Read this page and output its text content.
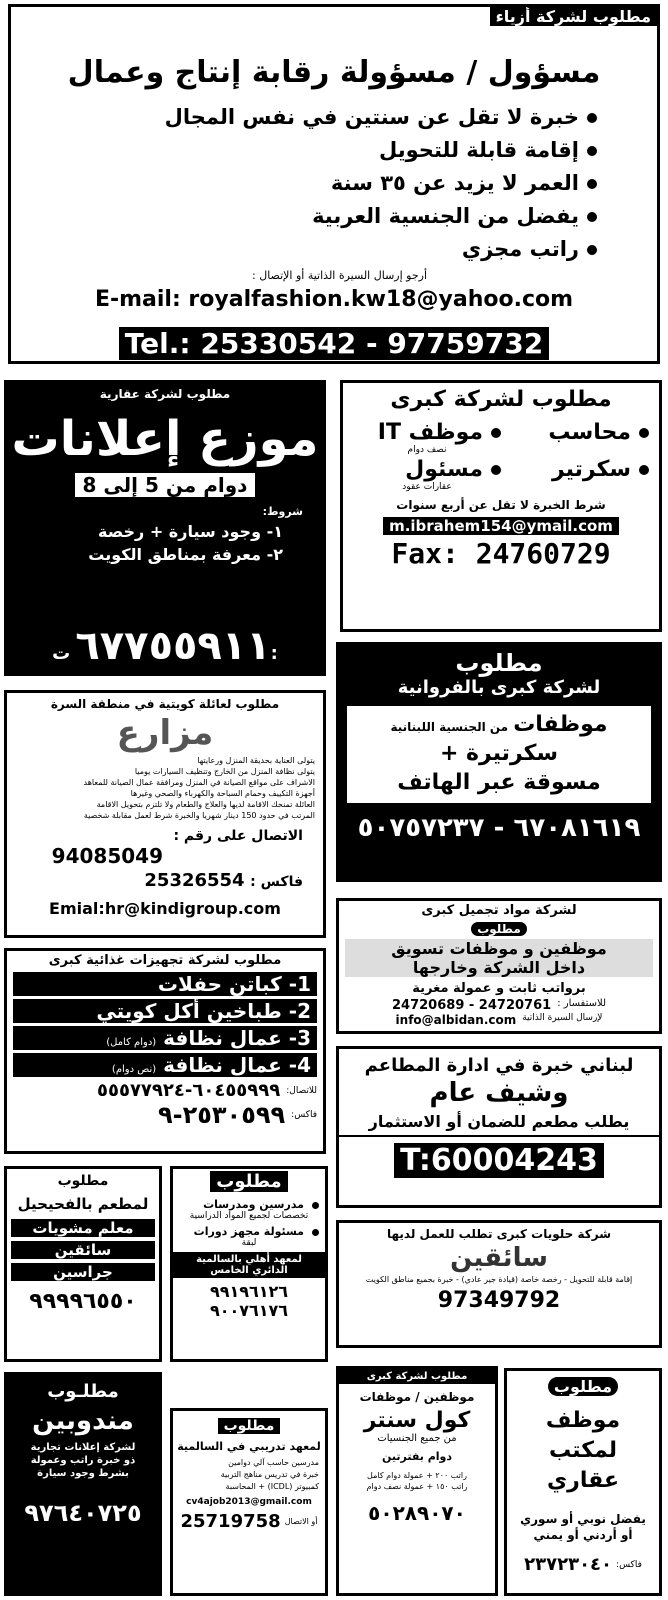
مطلوب لشركة أزياء
مسؤول / مسؤولة رقابة إنتاج وعمال
خبرة لا تقل عن سنتين في نفس المجال
إقامة قابلة للتحويل
العمر لا يزيد عن ٣٥ سنة
يفضل من الجنسية العربية
راتب مجزي
أرجو إرسال السيرة الذاتية أو الإتصال :
E-mail: royalfashion.kw18@yahoo.com
Tel.: 25330542 - 97759732
مطلوب لشركة عقارية
موزع إعلانات
دوام من 5 إلى 8
شروط:
١- وجود سيارة + رخصة
٢- معرفة بمناطق الكويت
٦٧٧٥٥٩١١ ت:
مطلوب لشركة كبرى
محاسب
موظف IT
نصف دوام
سكرتير
مسئول
عقارات عقود
شرط الخبرة لا تقل عن أربع سنوات
m.ibrahem154@ymail.com
Fax: 24760729
مطلوب لعائلة كويتية في منطقة السرة
مزارع
يتولى العناية بحديقة المنزل ورعايتها
يتولى نظافة المنزل من الخارج وتنظيف السيارات يوميا
الاشراف على مواقع الصيانة في المنزل ومرافقة عمال الصيانة للمعاهد
أجهزة التكييف وحمام السباحة والكهرباء والصحي وغيرها
العائلة تمنحك الاقامة لديها والعلاج والطعام ولا تلتزم بتحويل الاقامة
المرتب في حدود 150 دينار شهريا والخبرة شرط لعمل مقابلة شخصية
الاتصال على رقم :
94085049
فاكس : 25326554
Emial:hr@kindigroup.com
مطلوب
لشركة كبرى بالفروانية
موظفات من الجنسية اللبنانية
سكرتيرة +
مسوقة عبر الهاتف
٦٧٠٨١٦١٩ - ٥٠٧٥٧٢٣٧
لشركة مواد تجميل كبرى
مطلوب
موظفين و موظفات تسويق
داخل الشركة وخارجها
برواتب ثابت و عمولة مغرية
للاستفسار :
24720689 - 24720761
لإرسال السيرة الذاتية
info@albidan.com
مطلوب لشركة تجهيزات غذائية كبرى
1- كباتن حفلات
2- طباخين أكل كويتي
3- عمال نظافة (دوام كامل)
4- عمال نظافة (نص دوام)
للاتصال:
٦٠٤٥٥٩٩٩-٥٥٥٧٧٩٢٤
فاكس:
٢٥٣٠٥٩٩-٩
لبناني خبرة في ادارة المطاعم
وشيف عام
يطلب مطعم للضمان أو الاستثمار
T:60004243
مطلوب
لمطعم بالفحيحيل
معلم مشويات
سائقين
جراسين
٩٩٩٩٦٥٥٠
مطلوب
مدرسين ومدرسات
تخصصات لجميع المواد الدراسية
مسئولة مجهز دورات
لبقة
لمعهد أهلي بالسالمية
الدائري الخامس
٩٩١٩٦١٢٦
٩٠٠٧٦١٧٦
شركة حلويات كبرى تطلب للعمل لديها
سائقين
إقامة قابلة للتحويل - رخصة خاصة (قيادة جير عادي) - خبرة بجميع مناطق الكويت
97349792
مطلـوب
مندوبين
لشركة إعلانات تجارية
ذو خبرة راتب وعمولة
بشرط وجود سيارة
٩٧٦٤٠٧٢٥
مطلوب
لمعهد تدريبي في السالمية
مدرسين حاسب آلي دوامين
خبرة في تدريس مناهج التربية
كمبيوتر (ICDL) + المحاسبة
cv4ajob2013@gmail.com
أو الاتصال
25719758
مطلوب لشركة كبرى
موظفين / موظفات
كول سنتر
من جميع الجنسيات
دوام بفترتين
راتب ٢٠٠ + عمولة دوام كامل
راتب ١٥٠ + عمولة نصف دوام
٥٠٢٨٩٠٧٠
مطلوب
موظف لمكتب عقاري
يفضل نوبي أو سوري
أو أردني أو يمني
فاكس:
٢٣٧٢٣٠٤٠
